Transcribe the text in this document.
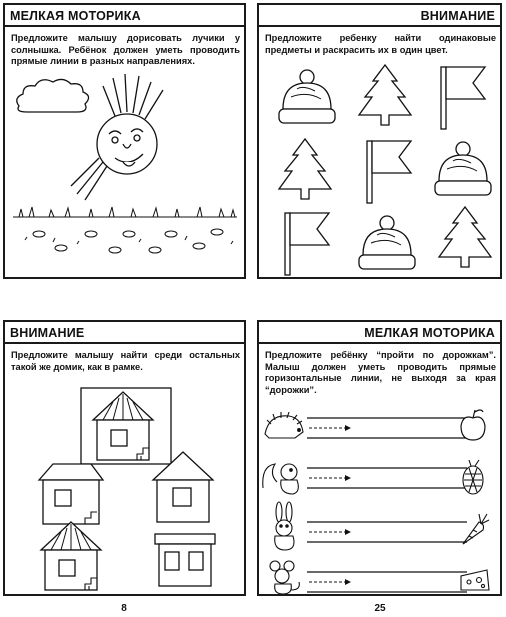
МЕЛКАЯ МОТОРИКА
Предложите малышу дорисовать лучики у солнышка. Ребёнок должен уметь проводить прямые линии в разных направлениях.
ВНИМАНИЕ
Предложите ребенку найти одинаковые предметы и раскрасить их в один цвет.
ВНИМАНИЕ
Предложите малышу найти среди остальных такой же домик, как в рамке.
МЕЛКАЯ МОТОРИКА
Предложите ребёнку “пройти по дорожкам”. Малыш должен уметь проводить прямые горизонтальные линии, не выходя за края “дорожки”.
8	25
